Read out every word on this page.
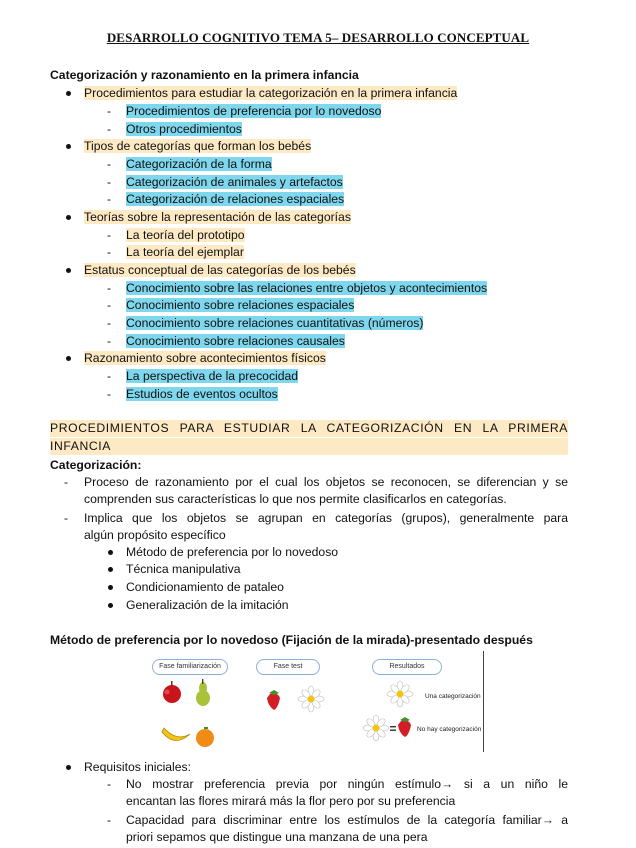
DESARROLLO COGNITIVO TEMA 5– DESARROLLO CONCEPTUAL
Categorización y razonamiento en la primera infancia
Procedimientos para estudiar la categorización en la primera infancia
- Procedimientos de preferencia por lo novedoso
- Otros procedimientos
Tipos de categorías que forman los bebés
- Categorización de la forma
- Categorización de animales y artefactos
- Categorización de relaciones espaciales
Teorías sobre la representación de las categorías
- La teoría del prototipo
- La teoría del ejemplar
Estatus conceptual de las categorías de los bebés
- Conocimiento sobre las relaciones entre objetos y acontecimientos
- Conocimiento sobre relaciones espaciales
- Conocimiento sobre relaciones cuantitativas (números)
- Conocimiento sobre relaciones causales
Razonamiento sobre acontecimientos físicos
- La perspectiva de la precocidad
- Estudios de eventos ocultos
PROCEDIMIENTOS PARA ESTUDIAR LA CATEGORIZACIÓN EN LA PRIMERA
INFANCIA
Categorización:
- Proceso de razonamiento por el cual los objetos se reconocen, se diferencian y se
comprenden sus características lo que nos permite clasificarlos en categorías.
- Implica que los objetos se agrupan en categorías (grupos), generalmente para
algún propósito específico
Método de preferencia por lo novedoso
Técnica manipulativa
Condicionamiento de pataleo
Generalización de la imitación
Método de preferencia por lo novedoso (Fijación de la mirada)-presentado después
Fase familiarización	Fase test	Resultados
Una categorización
No hay categorización
Requisitos iniciales:
- No mostrar preferencia previa por ningún estímulo→ si a un niño le
encantan las flores mirará más la flor pero por su preferencia
- Capacidad para discriminar entre los estímulos de la categoría familiar→ a
priori sepamos que distingue una manzana de una pera
